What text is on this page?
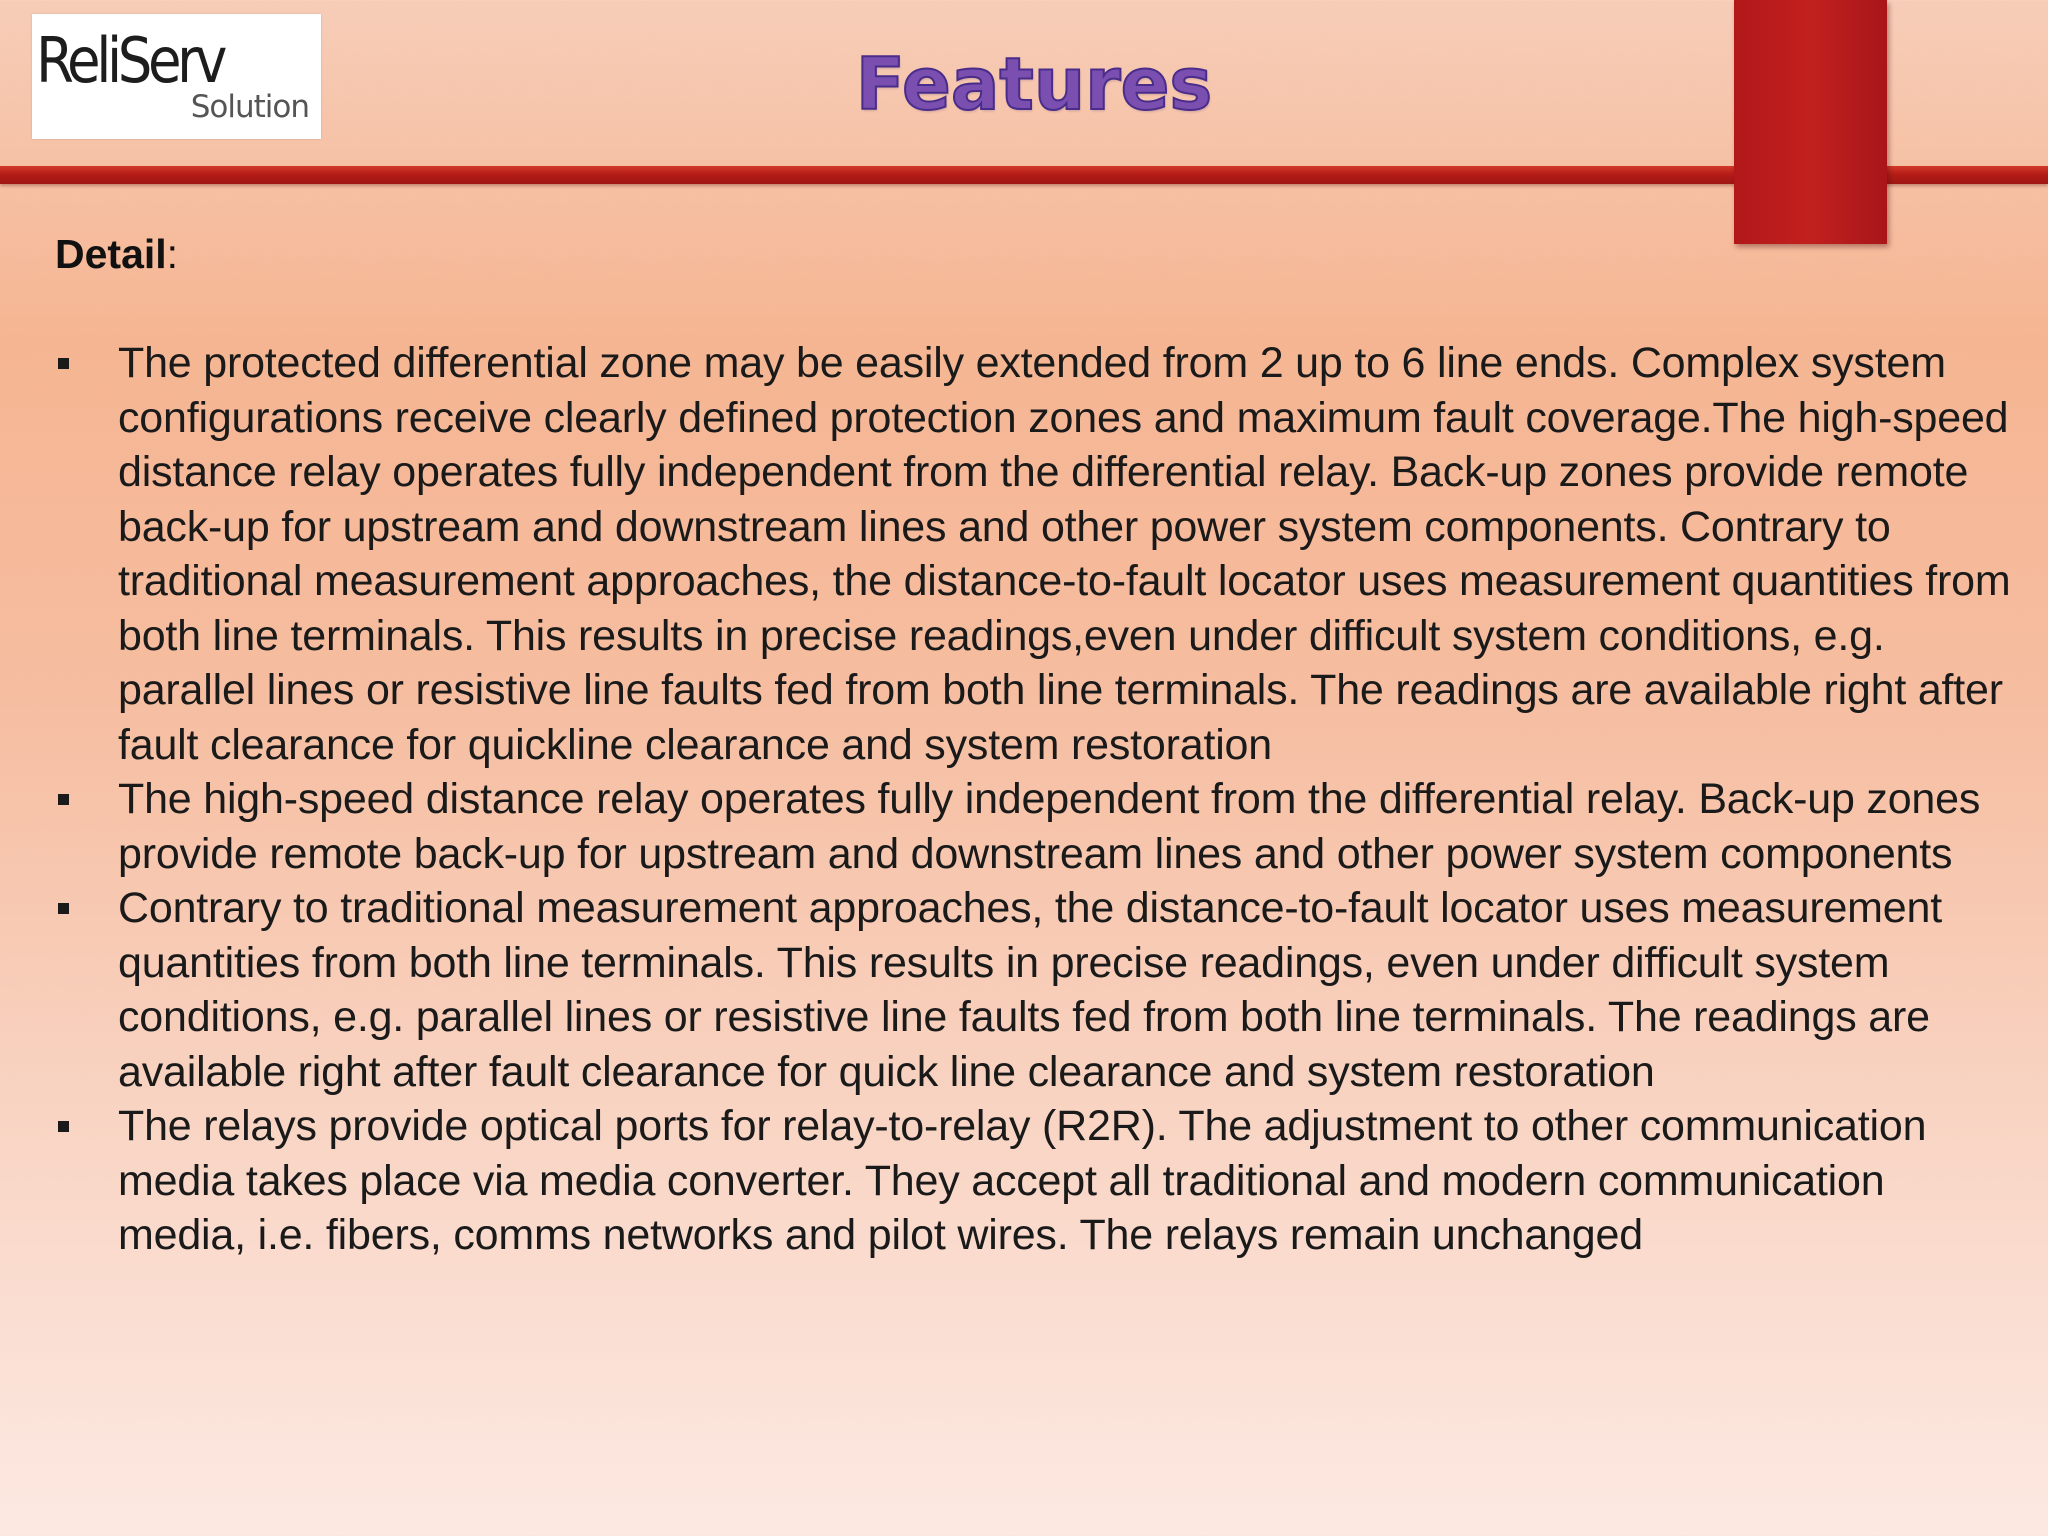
ReliServ
Solution	Features

Detail:

The protected differential zone may be easily extended from 2 up to 6 line ends. Complex system configurations receive clearly defined protection zones and maximum fault coverage.The high-speed distance relay operates fully independent from the differential relay. Back-up zones provide remote back-up for upstream and downstream lines and other power system components. Contrary to traditional measurement approaches, the distance-to-fault locator uses measurement quantities from both line terminals. This results in precise readings,even under difficult system conditions, e.g. parallel lines or resistive line faults fed from both line terminals. The readings are available right after fault clearance for quickline clearance and system restoration
The high-speed distance relay operates fully independent from the differential relay. Back-up zones provide remote back-up for upstream and downstream lines and other power system components
Contrary to traditional measurement approaches, the distance-to-fault locator uses measurement quantities from both line terminals. This results in precise readings, even under difficult system conditions, e.g. parallel lines or resistive line faults fed from both line terminals. The readings are available right after fault clearance for quick line clearance and system restoration
The relays provide optical ports for relay-to-relay (R2R). The adjustment to other communication media takes place via media converter. They accept all traditional and modern communication media, i.e. fibers, comms networks and pilot wires. The relays remain unchanged
